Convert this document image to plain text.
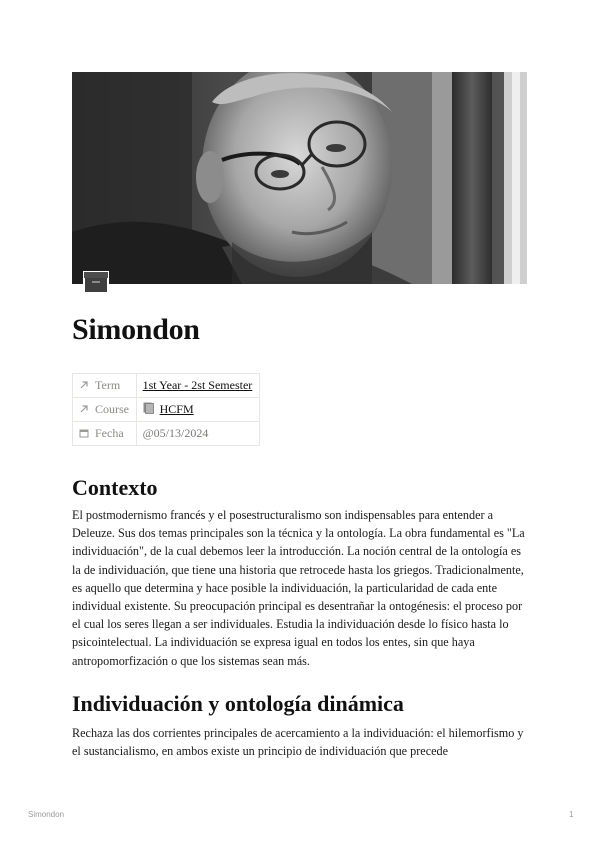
Simondon
Term	1st Year - 2st Semester
Course	HCFM
Fecha	@05/13/2024
Contexto

El postmodernismo francés y el posestructuralismo son indispensables para entender a Deleuze. Sus dos temas principales son la técnica y la ontología. La obra fundamental es "La individuación", de la cual debemos leer la introducción. La noción central de la ontología es la de individuación, que tiene una historia que retrocede hasta los griegos. Tradicionalmente, es aquello que determina y hace posible la individuación, la particularidad de cada ente individual existente. Su preocupación principal es desentrañar la ontogénesis: el proceso por el cual los seres llegan a ser individuales. Estudia la individuación desde lo físico hasta lo psicointelectual. La individuación se expresa igual en todos los entes, sin que haya antropomorfización o que los sistemas sean más.

Individuación y ontología dinámica

Rechaza las dos corrientes principales de acercamiento a la individuación: el hilemorfismo y el sustancialismo, en ambos existe un principio de individuación que precede

Simondon	1
